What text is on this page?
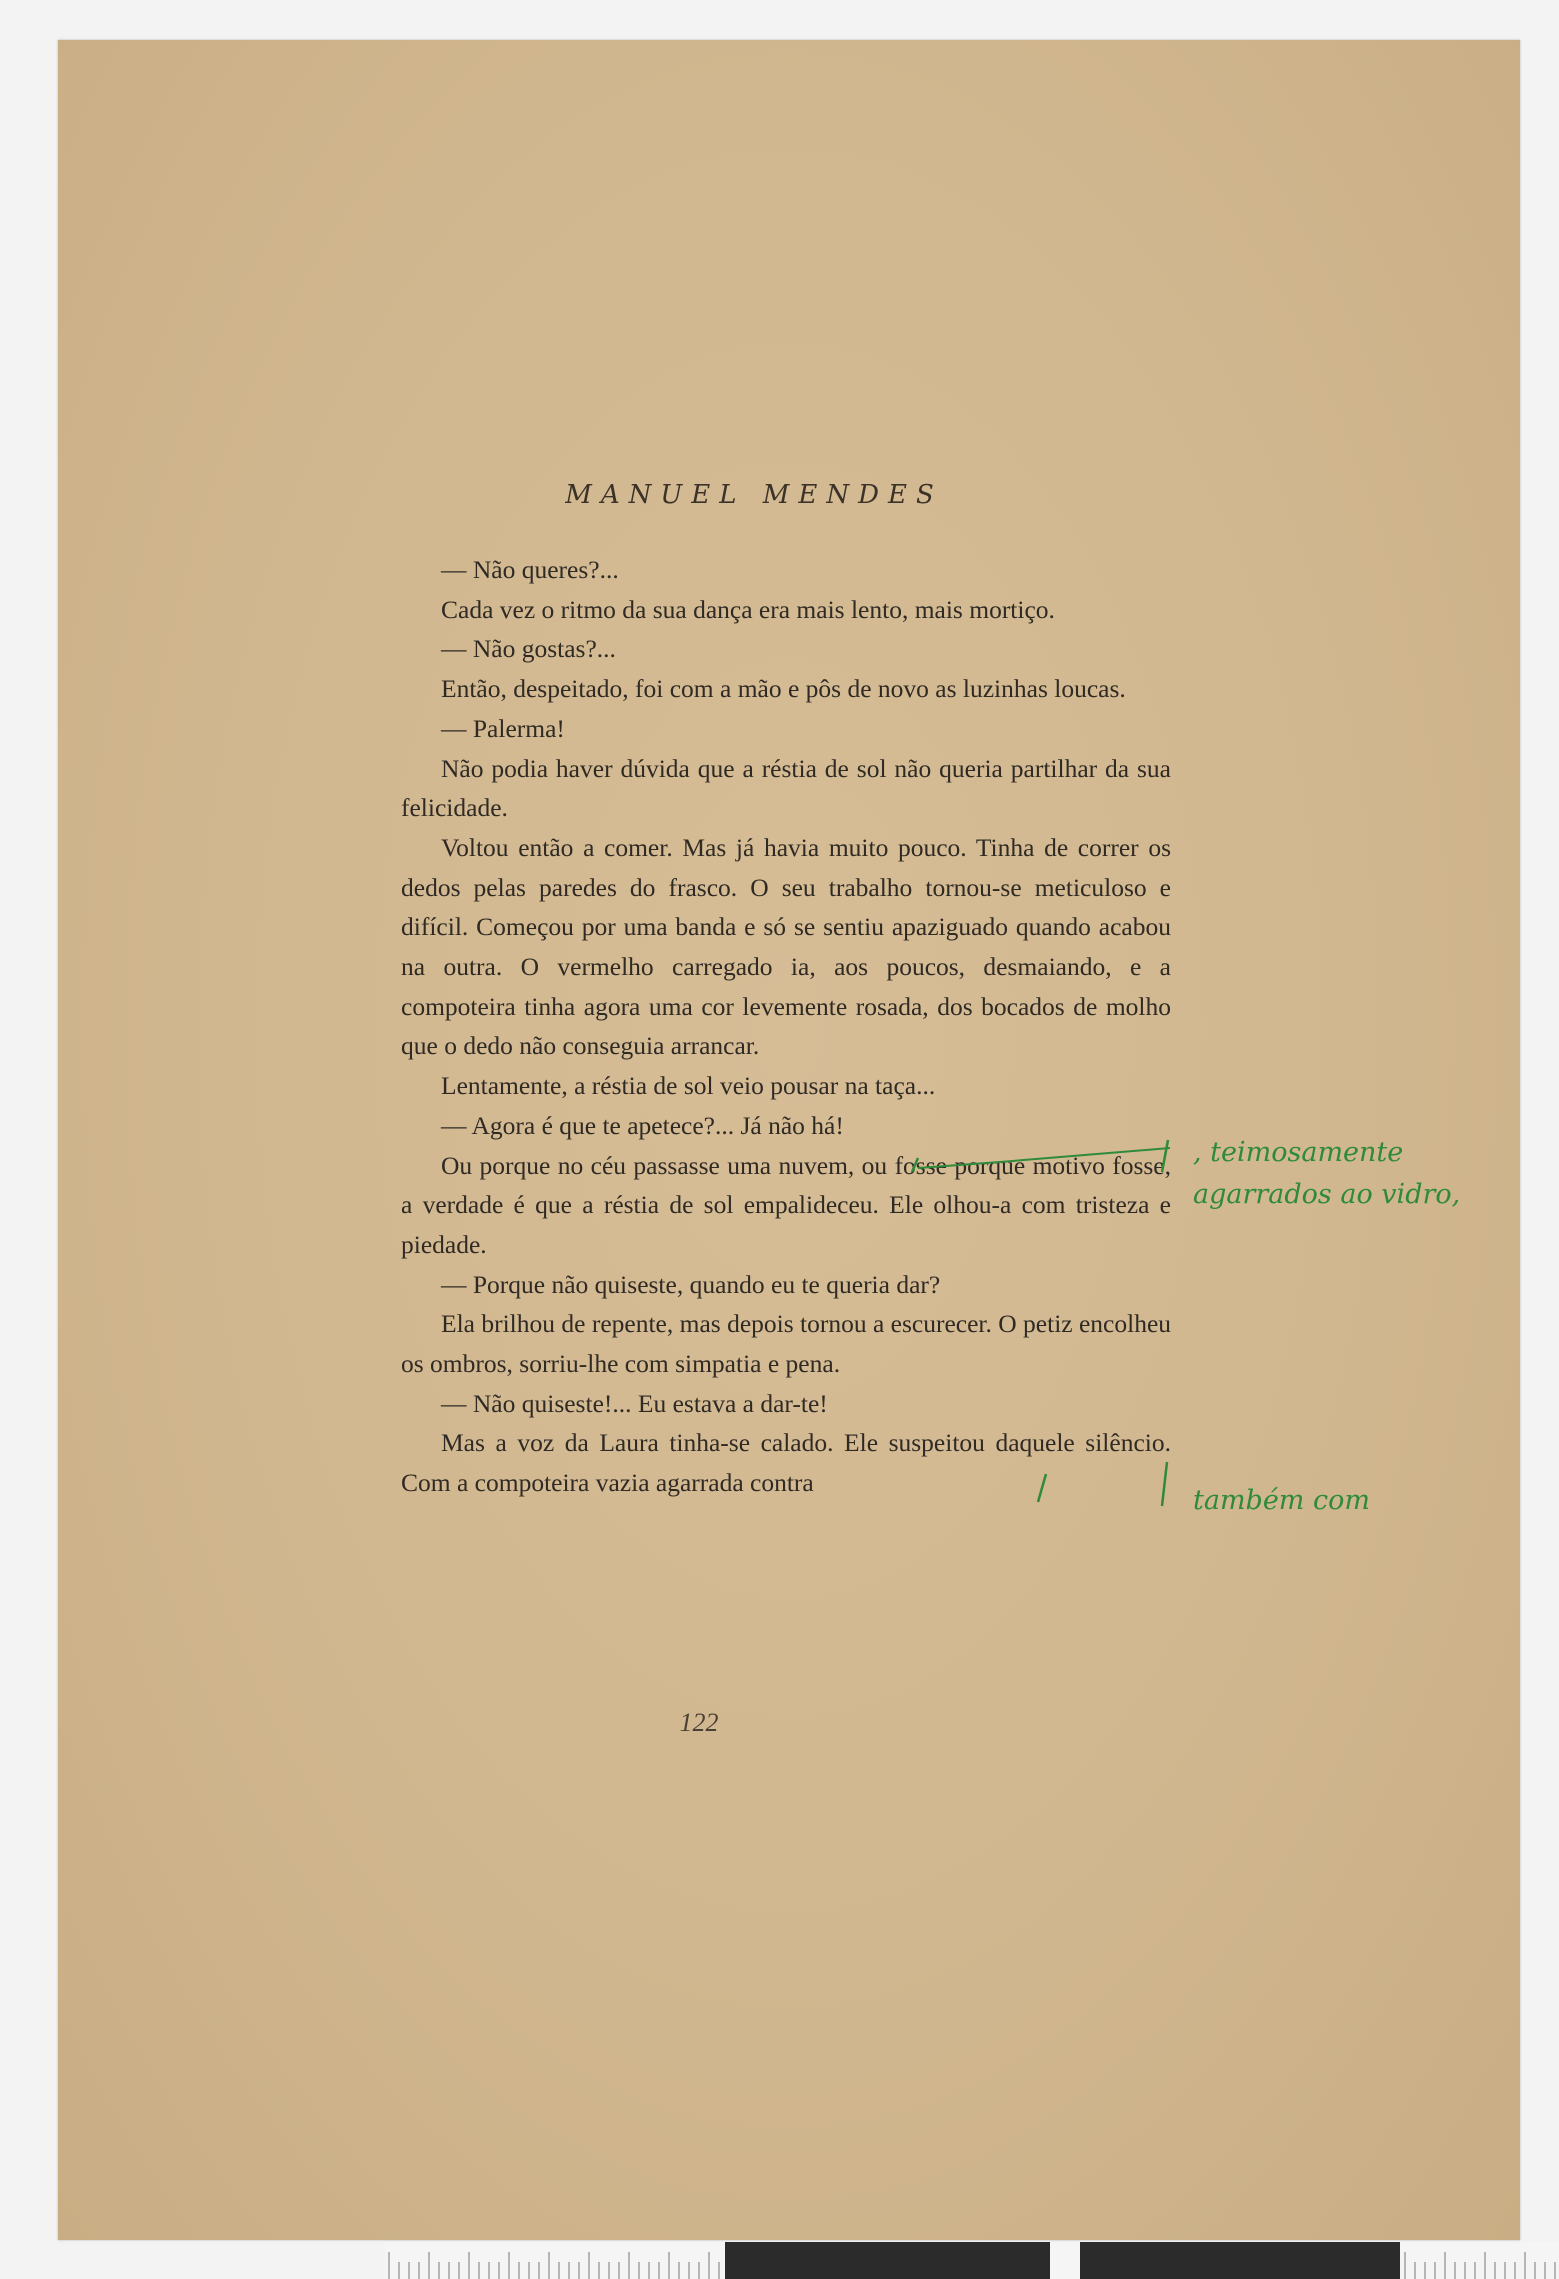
MANUEL MENDES

— Não queres?...

Cada vez o ritmo da sua dança era mais lento, mais mortiço.

— Não gostas?...

Então, despeitado, foi com a mão e pôs de novo as luzinhas loucas.

— Palerma!

Não podia haver dúvida que a réstia de sol não queria partilhar da sua felicidade.

Voltou então a comer. Mas já havia muito pouco. Tinha de correr os dedos pelas paredes do frasco. O seu trabalho tornou-se meticuloso e difícil. Começou por uma banda e só se sentiu apaziguado quando acabou na outra. O vermelho carregado ia, aos poucos, desmaiando, e a compoteira tinha agora uma cor levemente rosada, dos bocados de molho que o dedo não conseguia arrancar.

Lentamente, a réstia de sol veio pousar na taça...

— Agora é que te apetece?... Já não há!

Ou porque no céu passasse uma nuvem, ou fosse porque motivo fosse, a verdade é que a réstia de sol empalideceu. Ele olhou-a com tristeza e piedade.

— Porque não quiseste, quando eu te queria dar?

Ela brilhou de repente, mas depois tornou a escurecer. O petiz encolheu os ombros, sorriu-lhe com simpatia e pena.

— Não quiseste!... Eu estava a dar-te!

Mas a voz da Laura tinha-se calado. Ele suspeitou daquele silêncio. Com a compoteira vazia agarrada contra

122
, teimosamente agarrados ao vidro,
também com
